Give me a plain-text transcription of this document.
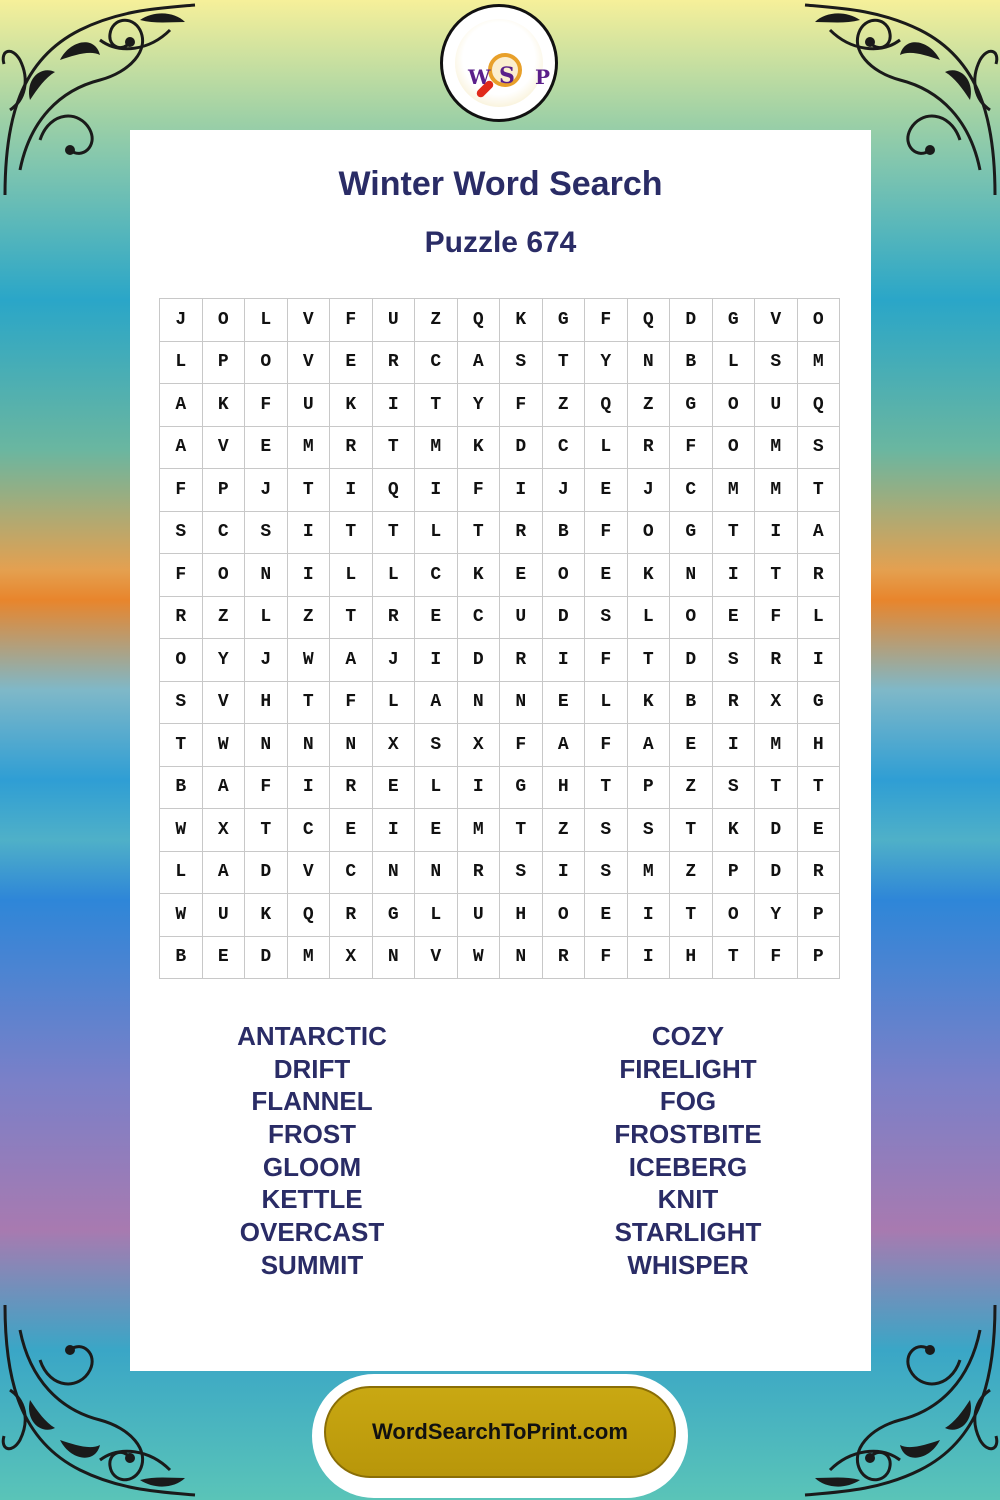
W S P
Winter Word Search
Puzzle 674
J	O	L	V	F	U	Z	Q	K	G	F	Q	D	G	V	O
L	P	O	V	E	R	C	A	S	T	Y	N	B	L	S	M
A	K	F	U	K	I	T	Y	F	Z	Q	Z	G	O	U	Q
A	V	E	M	R	T	M	K	D	C	L	R	F	O	M	S
F	P	J	T	I	Q	I	F	I	J	E	J	C	M	M	T
S	C	S	I	T	T	L	T	R	B	F	O	G	T	I	A
F	O	N	I	L	L	C	K	E	O	E	K	N	I	T	R
R	Z	L	Z	T	R	E	C	U	D	S	L	O	E	F	L
O	Y	J	W	A	J	I	D	R	I	F	T	D	S	R	I
S	V	H	T	F	L	A	N	N	E	L	K	B	R	X	G
T	W	N	N	N	X	S	X	F	A	F	A	E	I	M	H
B	A	F	I	R	E	L	I	G	H	T	P	Z	S	T	T
W	X	T	C	E	I	E	M	T	Z	S	S	T	K	D	E
L	A	D	V	C	N	N	R	S	I	S	M	Z	P	D	R
W	U	K	Q	R	G	L	U	H	O	E	I	T	O	Y	P
B	E	D	M	X	N	V	W	N	R	F	I	H	T	F	P
ANTARCTIC
DRIFT
FLANNEL
FROST
GLOOM
KETTLE
OVERCAST
SUMMIT
COZY
FIRELIGHT
FOG
FROSTBITE
ICEBERG
KNIT
STARLIGHT
WHISPER
WordSearchToPrint.com
